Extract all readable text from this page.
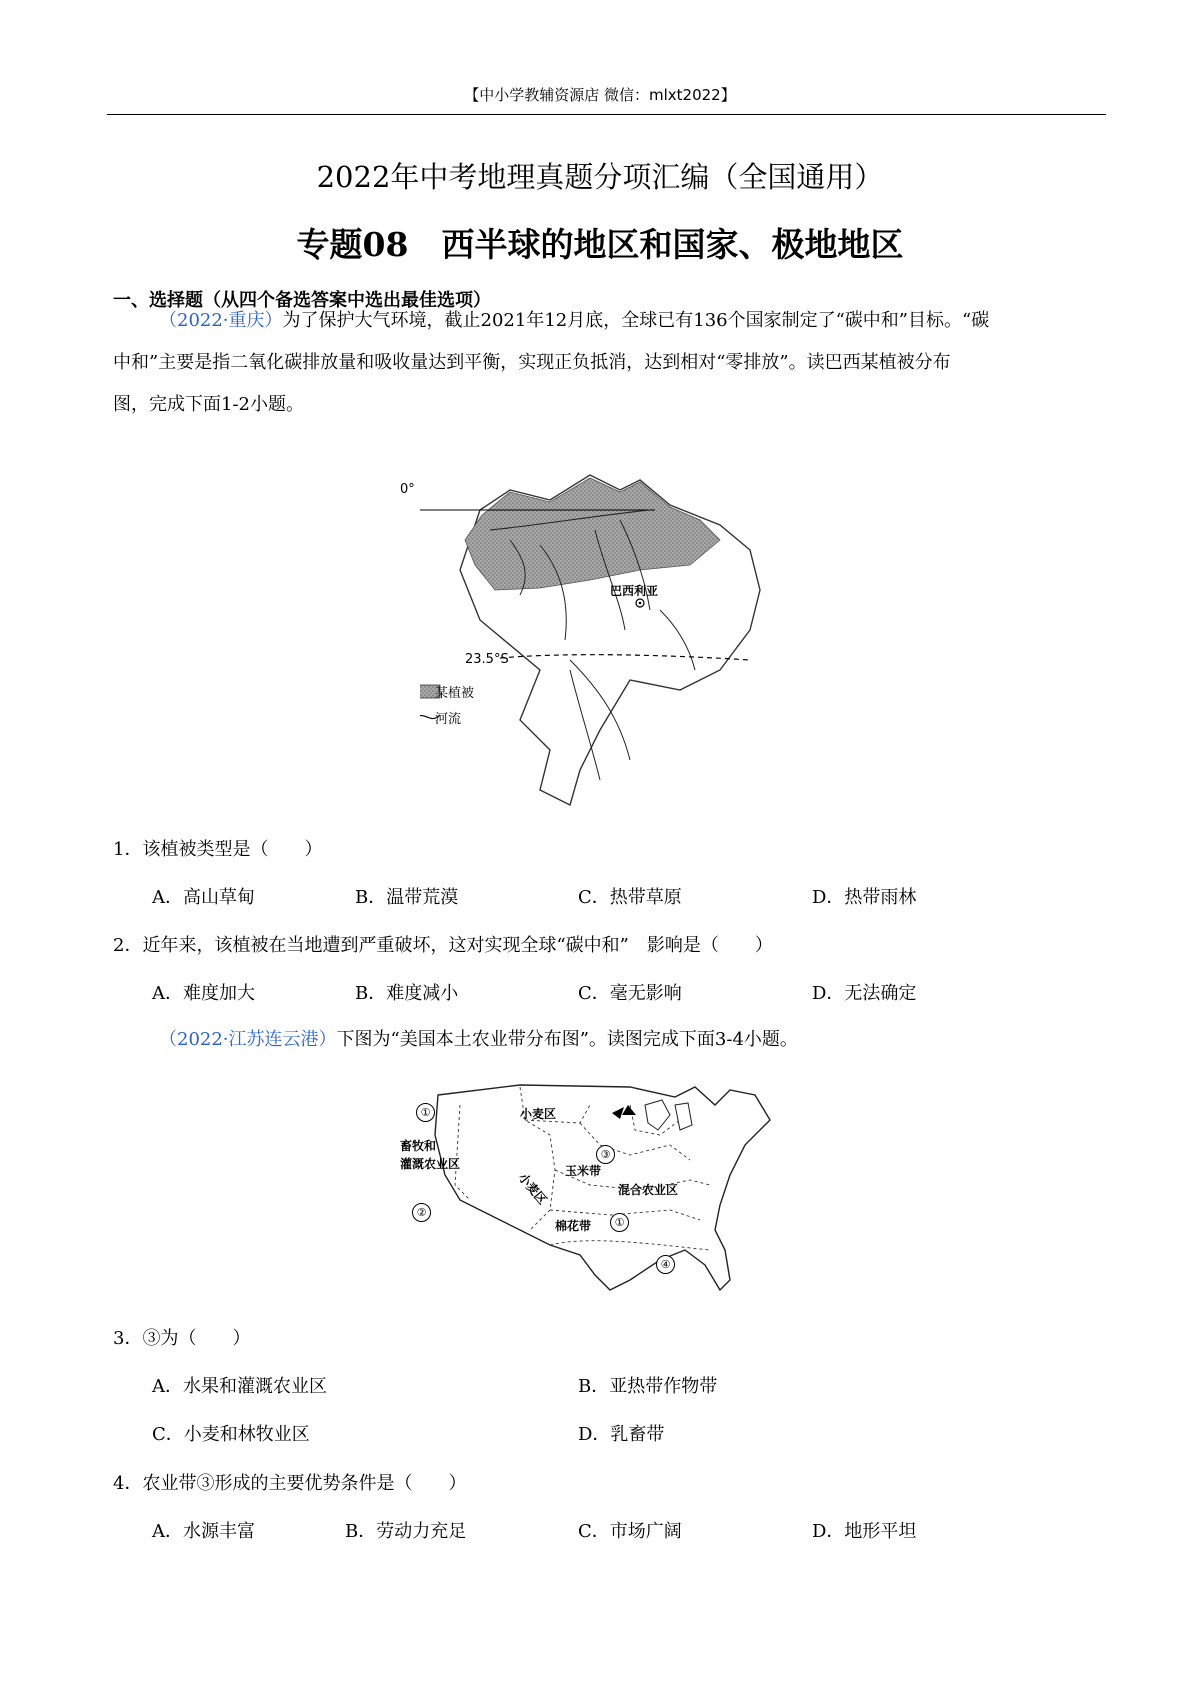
【中小学教辅资源店 微信：mlxt2022】
2022年中考地理真题分项汇编（全国通用）
专题08　西半球的地区和国家、极地地区
一、选择题（从四个备选答案中选出最佳选项）
（2022·重庆）为了保护大气环境，截止2021年12月底，全球已有136个国家制定了“碳中和”目标。“碳
中和”主要是指二氧化碳排放量和吸收量达到平衡，实现正负抵消，达到相对“零排放”。读巴西某植被分布
图，完成下面1-2小题。
0°
23.5°S
巴西利亚
某植被
河流
1．该植被类型是（　　）
A．高山草甸	B．温带荒漠	C．热带草原	D．热带雨林
2．近年来，该植被在当地遭到严重破坏，这对实现全球“碳中和”　影响是（　　）
A．难度加大	B．难度减小	C．毫无影响	D．无法确定
（2022·江苏连云港）下图为“美国本土农业带分布图”。读图完成下面3-4小题。
①
②
③
④
①
小麦区
畜牧和
灌溉农业区
小麦区 玉米带
混合农业区
棉花带
3．③为（　　）
A．水果和灌溉农业区	B．亚热带作物带
C．小麦和林牧业区	D．乳畜带
4．农业带③形成的主要优势条件是（　　）
A．水源丰富	B．劳动力充足	C．市场广阔	D．地形平坦
